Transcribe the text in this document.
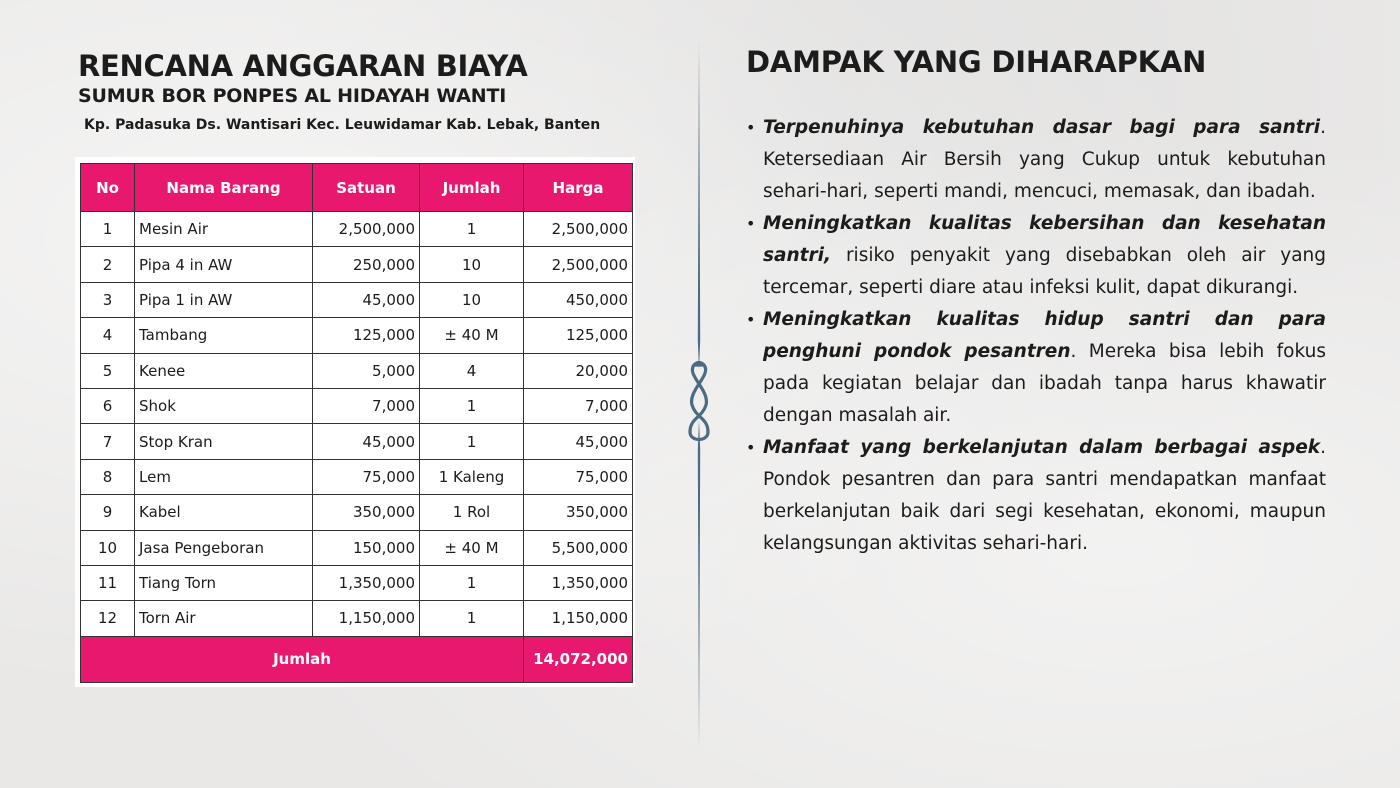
RENCANA ANGGARAN BIAYA
SUMUR BOR PONPES AL HIDAYAH WANTI

Kp. Padasuka Ds. Wantisari Kec. Leuwidamar Kab. Lebak, Banten

No	Nama Barang	Satuan	Jumlah	Harga
1	Mesin Air	2,500,000	1	2,500,000
2	Pipa 4 in AW	250,000	10	2,500,000
3	Pipa 1 in AW	45,000	10	450,000
4	Tambang	125,000	± 40 M	125,000
5	Kenee	5,000	4	20,000
6	Shok	7,000	1	7,000
7	Stop Kran	45,000	1	45,000
8	Lem	75,000	1 Kaleng	75,000
9	Kabel	350,000	1 Rol	350,000
10	Jasa Pengeboran	150,000	± 40 M	5,500,000
11	Tiang Torn	1,350,000	1	1,350,000
12	Torn Air	1,150,000	1	1,150,000
Jumlah				14,072,000
DAMPAK YANG DIHARAPKAN
• Terpenuhinya kebutuhan dasar bagi para santri. Ketersediaan Air Bersih yang Cukup untuk kebutuhan sehari-hari, seperti mandi, mencuci, memasak, dan ibadah.
• Meningkatkan kualitas kebersihan dan kesehatan santri, risiko penyakit yang disebabkan oleh air yang tercemar, seperti diare atau infeksi kulit, dapat dikurangi.
• Meningkatkan kualitas hidup santri dan para penghuni pondok pesantren. Mereka bisa lebih fokus pada kegiatan belajar dan ibadah tanpa harus khawatir dengan masalah air.
• Manfaat yang berkelanjutan dalam berbagai aspek. Pondok pesantren dan para santri mendapatkan manfaat berkelanjutan baik dari segi kesehatan, ekonomi, maupun kelangsungan aktivitas sehari-hari.
